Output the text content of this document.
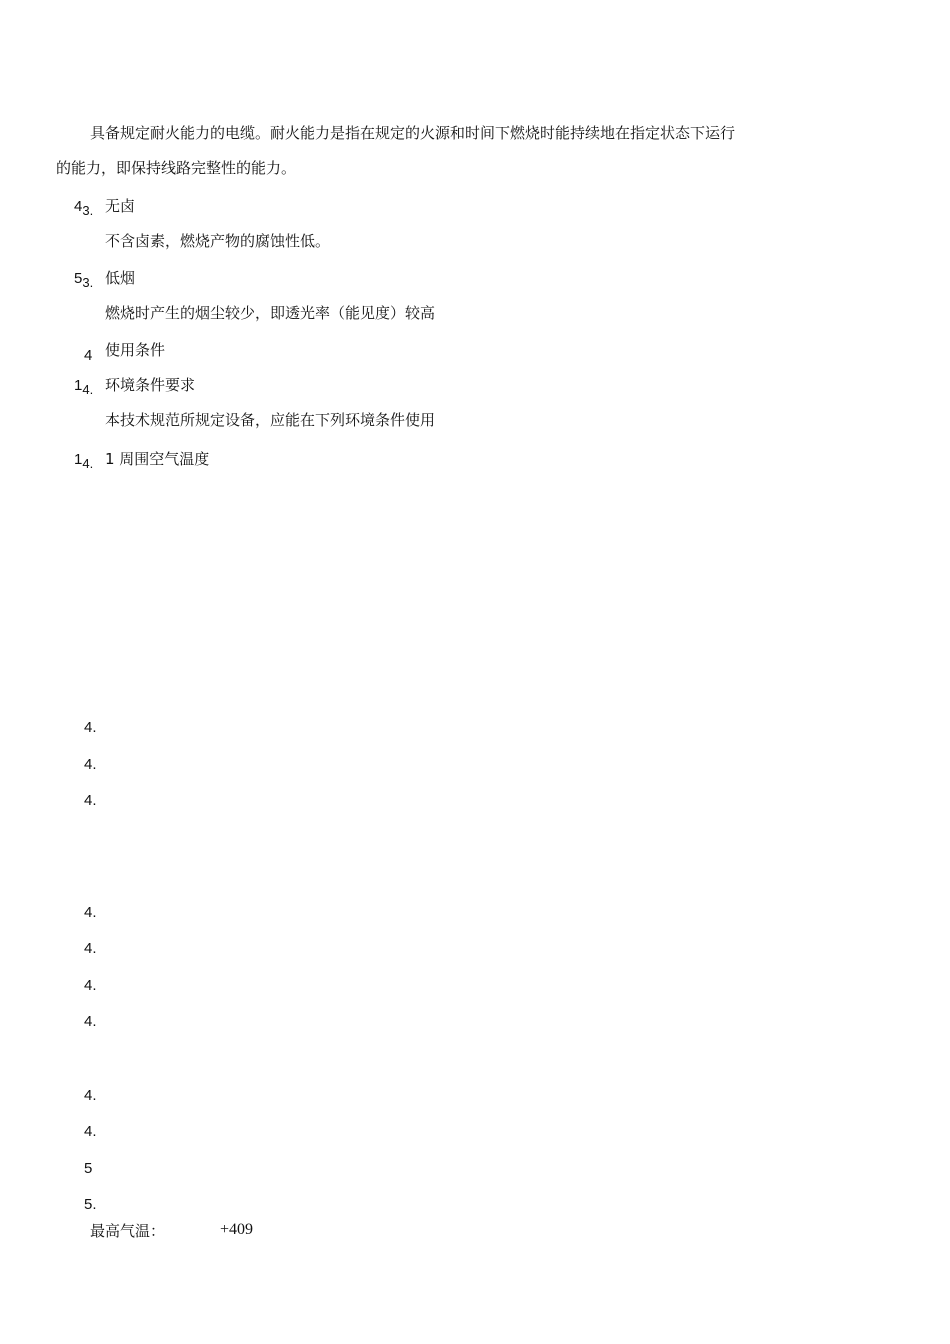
具备规定耐火能力的电缆。耐火能力是指在规定的火源和时间下燃烧时能持续地在指定状态下运行
的能力，即保持线路完整性的能力。
43. 无卤
不含卤素，燃烧产物的腐蚀性低。
53. 低烟
燃烧时产生的烟尘较少，即透光率（能见度）较高
4 使用条件
14. 环境条件要求
本技术规范所规定设备，应能在下列环境条件使用
14. 1 周围空气温度
4.
4.
4.
4.
4.
4.
4.
4.
4.
5
5.
最高气温：	+409
